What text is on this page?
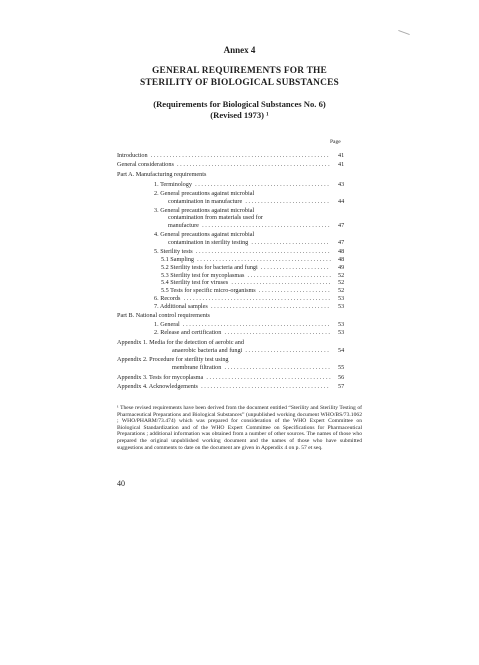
Annex 4
GENERAL REQUIREMENTS FOR THE
STERILITY OF BIOLOGICAL SUBSTANCES
(Requirements for Biological Substances No. 6)
(Revised 1973) ¹
Page
41
Introduction .........................................................
41
General considerations .................................................
Part A. Manufacturing requirements
43
1. Terminology ...........................................
2. General precautions against microbial
44
contamination in manufacture ...........................
3. General precautions against microbial
contamination from materials used for
47
manufacture .........................................
4. General precautions against microbial
47
contamination in sterility testing .........................
48
5. Sterility tests ...........................................
48
5.1 Sampling ...........................................
49
5.2 Sterility tests for bacteria and fungi ......................
52
5.3 Sterility test for mycoplasmas ...........................
52
5.4 Sterility test for viruses ................................
52
5.5 Tests for specific micro-organisms .......................
53
6. Records ...............................................
53
7. Additional samples ......................................
Part B. National control requirements
53
1. General ...............................................
53
2. Release and certification ..................................
Appendix 1. Media for the detection of aerobic and
54
anaerobic bacteria and fungi ...........................
Appendix 2. Procedure for sterility test using
55
membrane filtration ..................................
56
Appendix 3. Tests for mycoplasma ........................................
57
Appendix 4. Acknowledgements .........................................
¹ These revised requirements have been derived from the document entitled “Sterility and Sterility Testing of Pharmaceutical Preparations and Biological Substances” (unpublished working document WHO/BS/73.1062 ; WHO/PHARM/73.474) which was prepared for consideration of the WHO Expert Committee on Biological Standardization and of the WHO Expert Committee on Specifications for Pharmaceutical Preparations ; additional information was obtained from a number of other sources. The names of those who prepared the original unpublished working document and the names of those who have submitted suggestions and comments to date on the document are given in Appendix 4 on p. 57 et seq.
40
